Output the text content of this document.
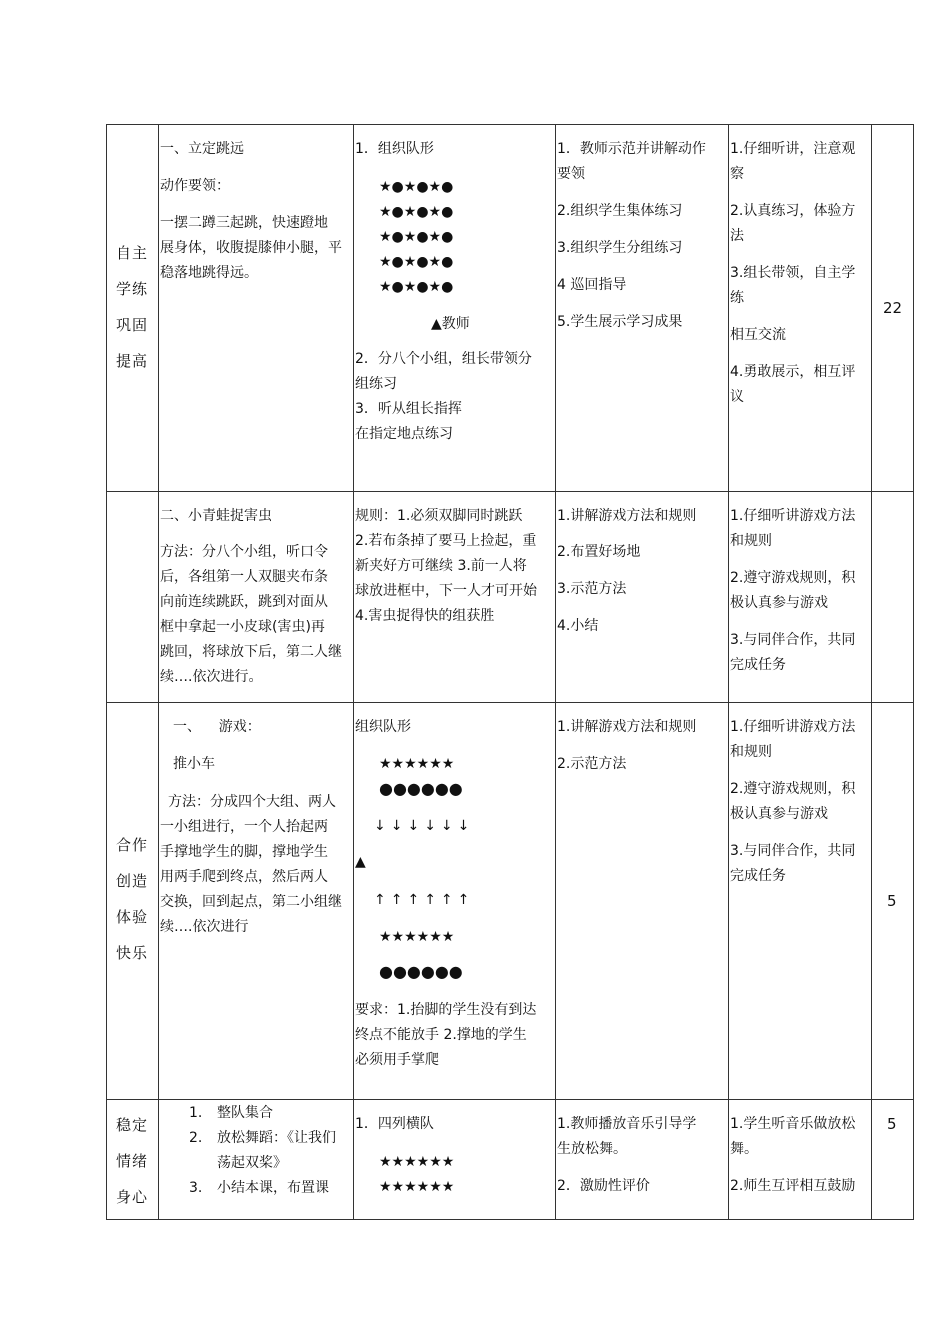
自主
学练
巩固
提高
一、立定跳远
动作要领：
一摆二蹲三起跳，快速蹬地
展身体，收腹提膝伸小腿，平
稳落地跳得远。
1．组织队形
★●★●★●
★●★●★●
★●★●★●
★●★●★●
★●★●★●
▲教师
2．分八个小组，组长带领分
组练习
3．听从组长指挥
在指定地点练习
1．教师示范并讲解动作
要领
2.组织学生集体练习
3.组织学生分组练习
4 巡回指导
5.学生展示学习成果
1.仔细听讲，注意观
察
2.认真练习，体验方
法
3.组长带领，自主学
练
相互交流
4.勇敢展示，相互评
议
22
二、小青蛙捉害虫
方法：分八个小组，听口令
后，各组第一人双腿夹布条
向前连续跳跃，跳到对面从
框中拿起一小皮球(害虫)再
跳回，将球放下后，第二人继
续….依次进行。
规则：1.必须双脚同时跳跃
2.若布条掉了要马上捡起，重
新夹好方可继续 3.前一人将
球放进框中，下一人才可开始
4.害虫捉得快的组获胜
1.讲解游戏方法和规则
2.布置好场地
3.示范方法
4.小结
1.仔细听讲游戏方法
和规则
2.遵守游戏规则，积
极认真参与游戏
3.与同伴合作，共同
完成任务
合作
创造
体验
快乐
一、    游戏：
推小车
方法：分成四个大组、两人
一小组进行，一个人抬起两
手撑地学生的脚，撑地学生
用两手爬到终点，然后两人
交换，回到起点，第二小组继
续….依次进行
组织队形
★★★★★★
●●●●●●
↓↓↓↓↓↓
▲
↑↑↑↑↑↑
★★★★★★
●●●●●●
要求：1.抬脚的学生没有到达
终点不能放手 2.撑地的学生
必须用手掌爬
1.讲解游戏方法和规则
2.示范方法
1.仔细听讲游戏方法
和规则
2.遵守游戏规则，积
极认真参与游戏
3.与同伴合作，共同
完成任务
5
稳定
情绪
身心
1. 整队集合
2. 放松舞蹈：《让我们
荡起双桨》
3. 小结本课，布置课
1．四列横队
★★★★★★
★★★★★★
1.教师播放音乐引导学
生放松舞。
2．激励性评价
1.学生听音乐做放松
舞。
2.师生互评相互鼓励
5
